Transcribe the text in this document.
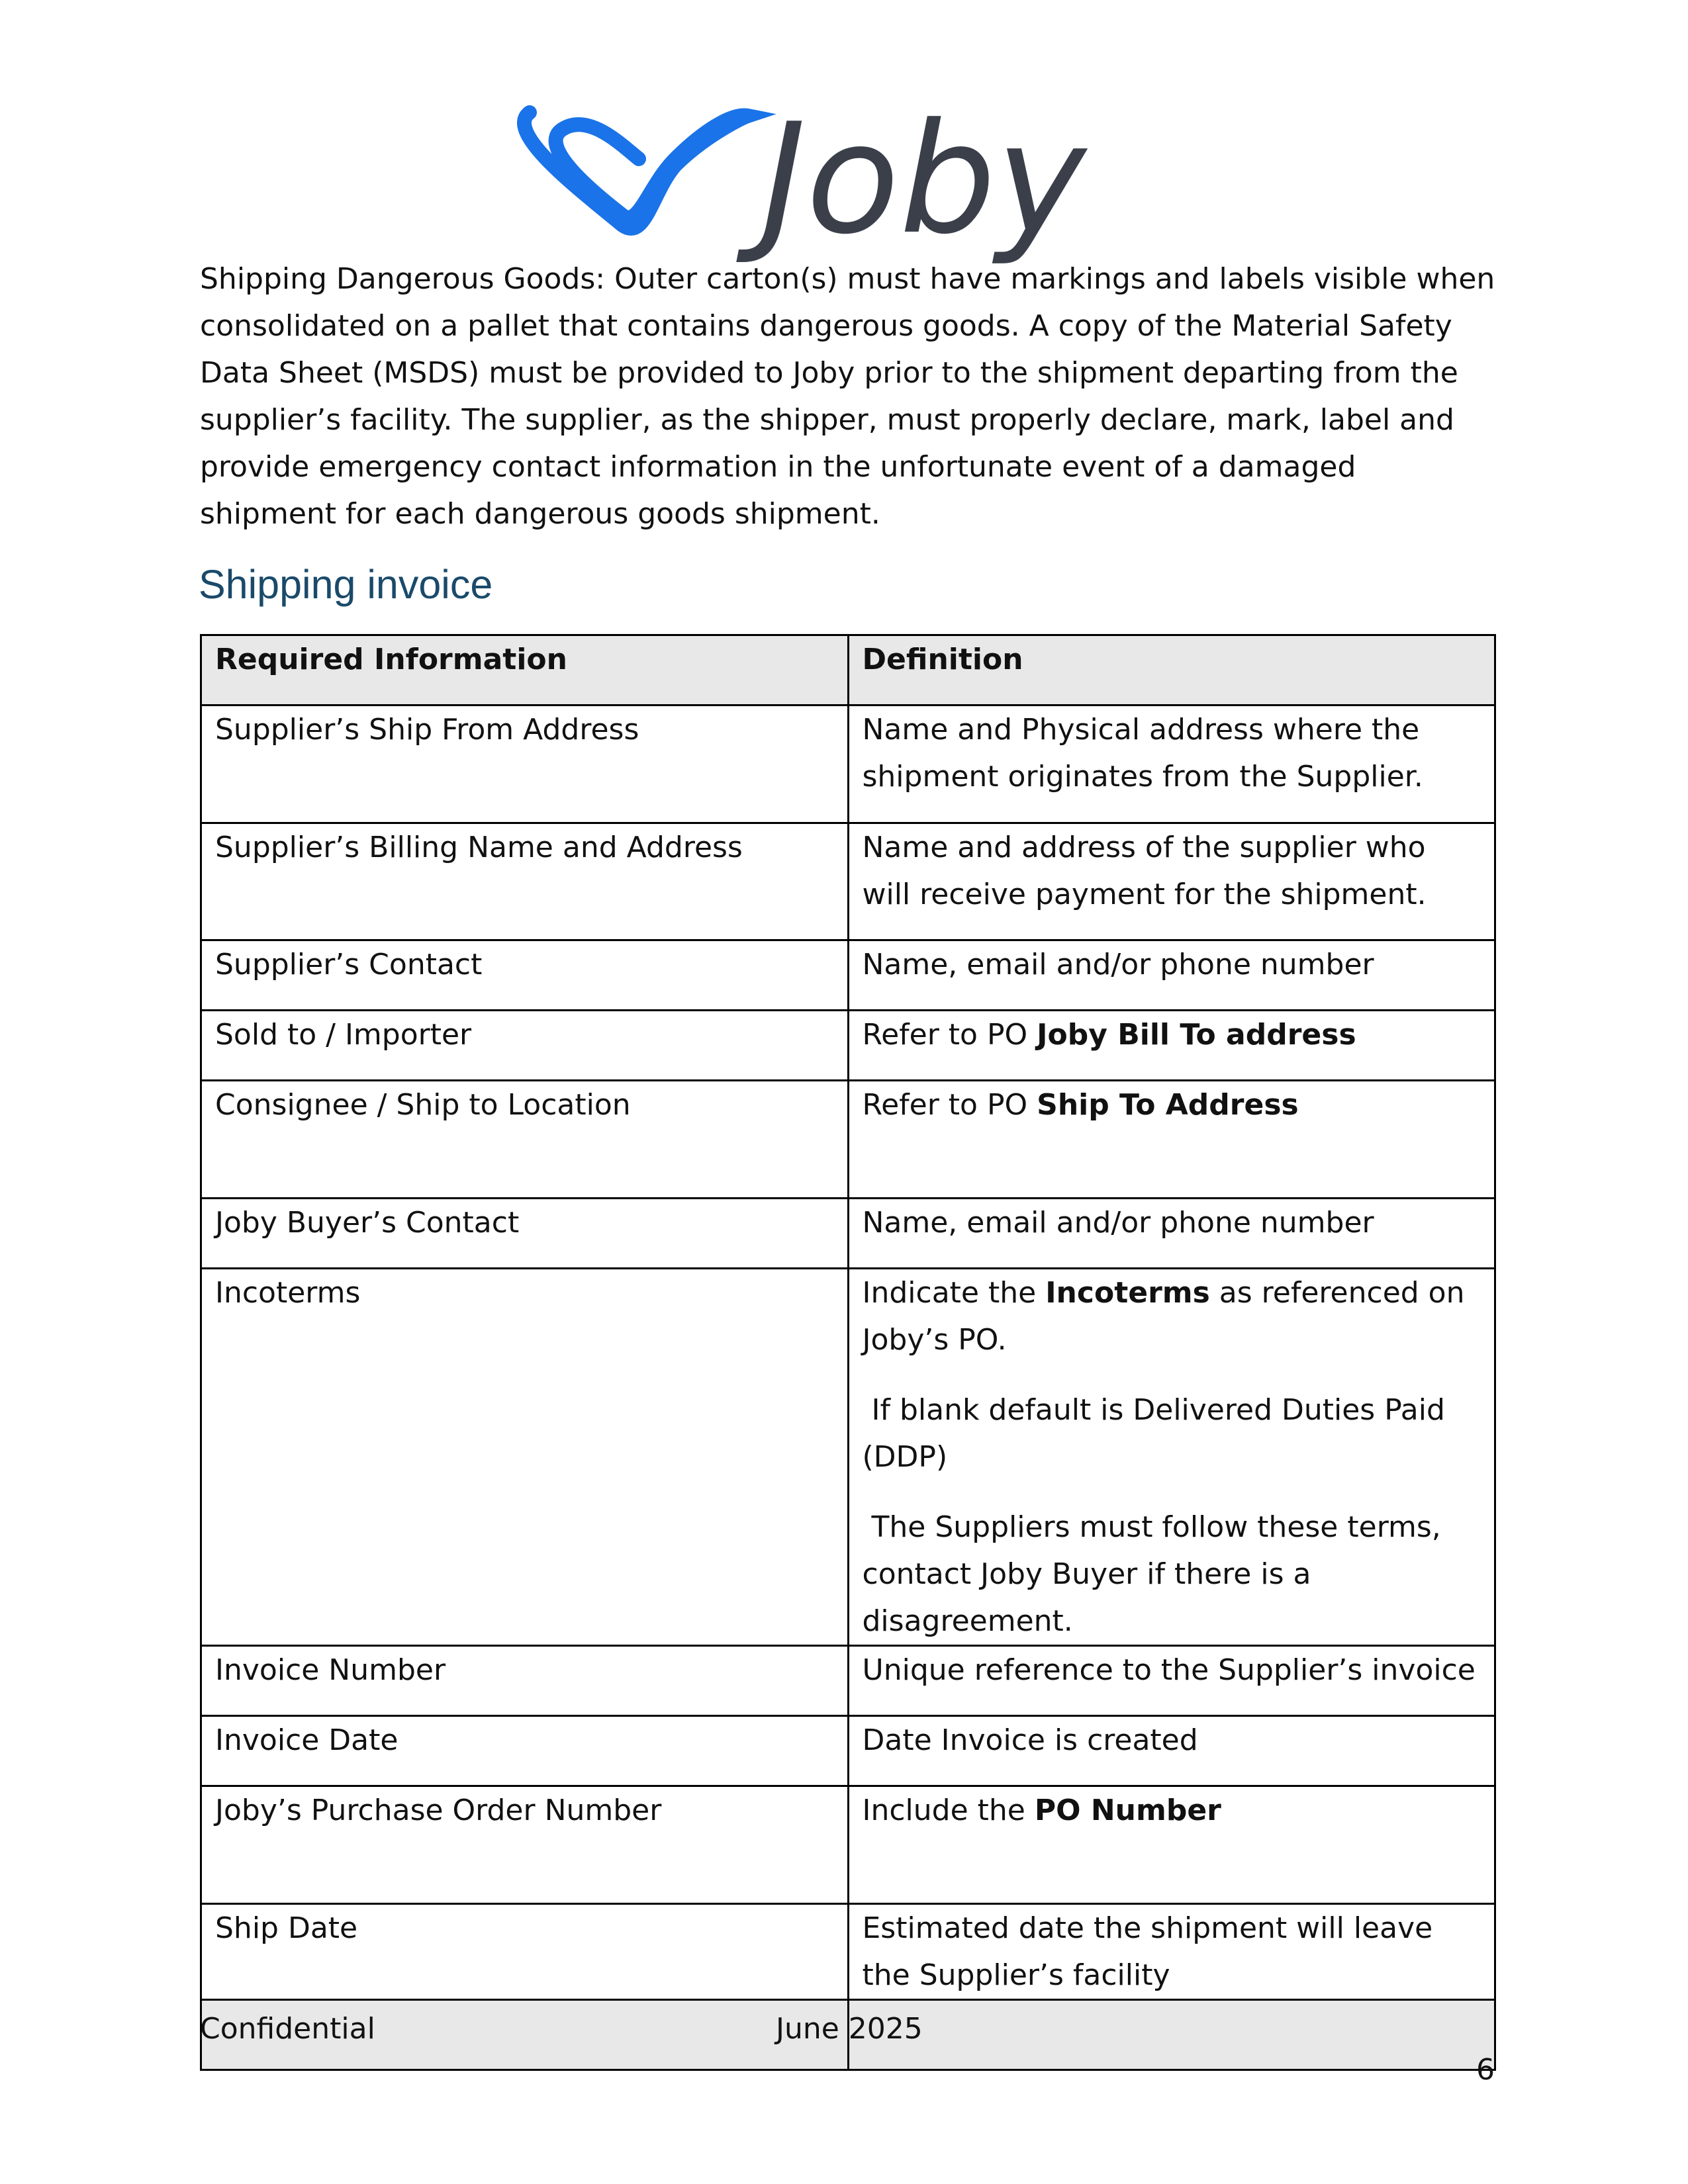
Joby

Shipping Dangerous Goods: Outer carton(s) must have markings and labels visible when consolidated on a pallet that contains dangerous goods. A copy of the Material Safety Data Sheet (MSDS) must be provided to Joby prior to the shipment departing from the supplier’s facility. The supplier, as the shipper, must properly declare, mark, label and provide emergency contact information in the unfortunate event of a damaged shipment for each dangerous goods shipment.

Shipping invoice
Required Information	Definition
Supplier’s Ship From Address	Name and Physical address where the shipment originates from the Supplier.
Supplier’s Billing Name and Address	Name and address of the supplier who will receive payment for the shipment.
Supplier’s Contact	Name, email and/or phone number
Sold to / Importer	Refer to PO Joby Bill To address
Consignee / Ship to Location	Refer to PO Ship To Address
Joby Buyer’s Contact	Name, email and/or phone number
Incoterms	Indicate the Incoterms as referenced on Joby’s PO.
If blank default is Delivered Duties Paid (DDP)
The Suppliers must follow these terms, contact Joby Buyer if there is a disagreement.

Invoice Number	Unique reference to the Supplier’s invoice
Invoice Date	Date Invoice is created
Joby’s Purchase Order Number	Include the PO Number
Ship Date	Estimated date the shipment will leave the Supplier’s facility

Confidential	June 2025
6
